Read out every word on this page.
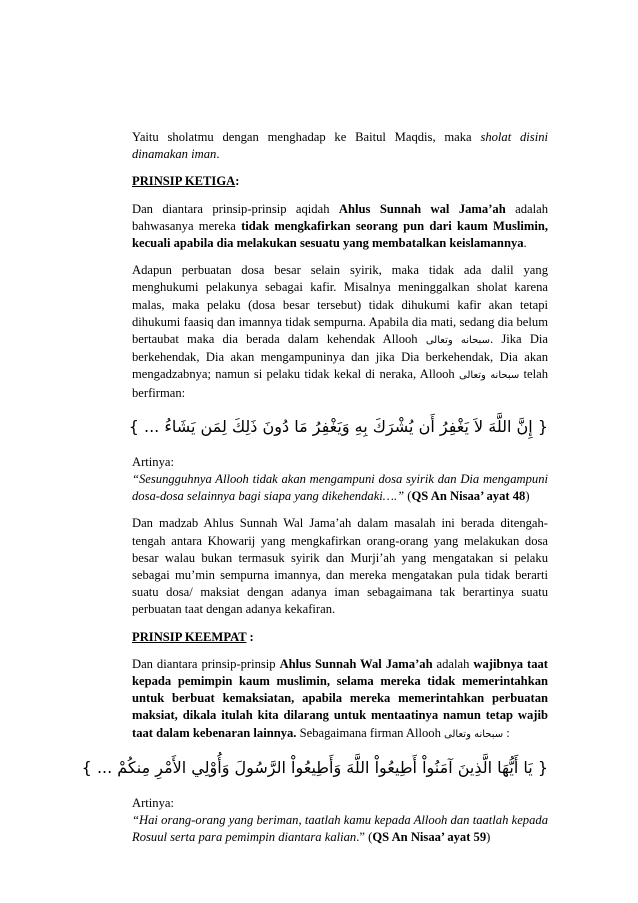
Yaitu sholatmu dengan menghadap ke Baitul Maqdis, maka sholat disini dinamakan iman.

PRINSIP KETIGA:

Dan diantara prinsip-prinsip aqidah Ahlus Sunnah wal Jama’ah adalah bahwasanya mereka tidak mengkafirkan seorang pun dari kaum Muslimin, kecuali apabila dia melakukan sesuatu yang membatalkan keislamannya.

Adapun perbuatan dosa besar selain syirik, maka tidak ada dalil yang menghukumi pelakunya sebagai kafir. Misalnya meninggalkan sholat karena malas, maka pelaku (dosa besar tersebut) tidak dihukumi kafir akan tetapi dihukumi faasiq dan imannya tidak sempurna. Apabila dia mati, sedang dia belum bertaubat maka dia berada dalam kehendak Allooh سبحانه وتعالى. Jika Dia berkehendak, Dia akan mengampuninya dan jika Dia berkehendak, Dia akan mengadzabnya; namun si pelaku tidak kekal di neraka, Allooh سبحانه وتعالى telah berfirman:

{ إِنَّ اللَّهَ لاَ يَغْفِرُ أَن يُشْرَكَ بِهِ وَيَغْفِرُ مَا دُونَ ذَلِكَ لِمَن يَشَاءُ ... }

Artinya:
“Sesungguhnya Allooh tidak akan mengampuni dosa syirik dan Dia mengampuni dosa-dosa selainnya bagi siapa yang dikehendaki….” (QS An Nisaa’ ayat 48)

Dan madzab Ahlus Sunnah Wal Jama’ah dalam masalah ini berada ditengah-tengah antara Khowarij yang mengkafirkan orang-orang yang melakukan dosa besar walau bukan termasuk syirik dan Murji’ah yang mengatakan si pelaku sebagai mu’min sempurna imannya, dan mereka mengatakan pula tidak berarti suatu dosa/ maksiat dengan adanya iman sebagaimana tak berartinya suatu perbuatan taat dengan adanya kekafiran.

PRINSIP KEEMPAT :

Dan diantara prinsip-prinsip Ahlus Sunnah Wal Jama’ah adalah wajibnya taat kepada pemimpin kaum muslimin, selama mereka tidak memerintahkan untuk berbuat kemaksiatan, apabila mereka memerintahkan perbuatan maksiat, dikala itulah kita dilarang untuk mentaatinya namun tetap wajib taat dalam kebenaran lainnya. Sebagaimana firman Allooh سبحانه وتعالى :

{ يَا أَيُّهَا الَّذِينَ آمَنُواْ أَطِيعُواْ اللَّهَ وَأَطِيعُواْ الرَّسُولَ وَأُوْلِي الأَمْرِ مِنكُمْ ... }

Artinya:
“Hai orang-orang yang beriman, taatlah kamu kepada Allooh dan taatlah kepada Rosuul serta para pemimpin diantara kalian.” (QS An Nisaa’ ayat 59)
